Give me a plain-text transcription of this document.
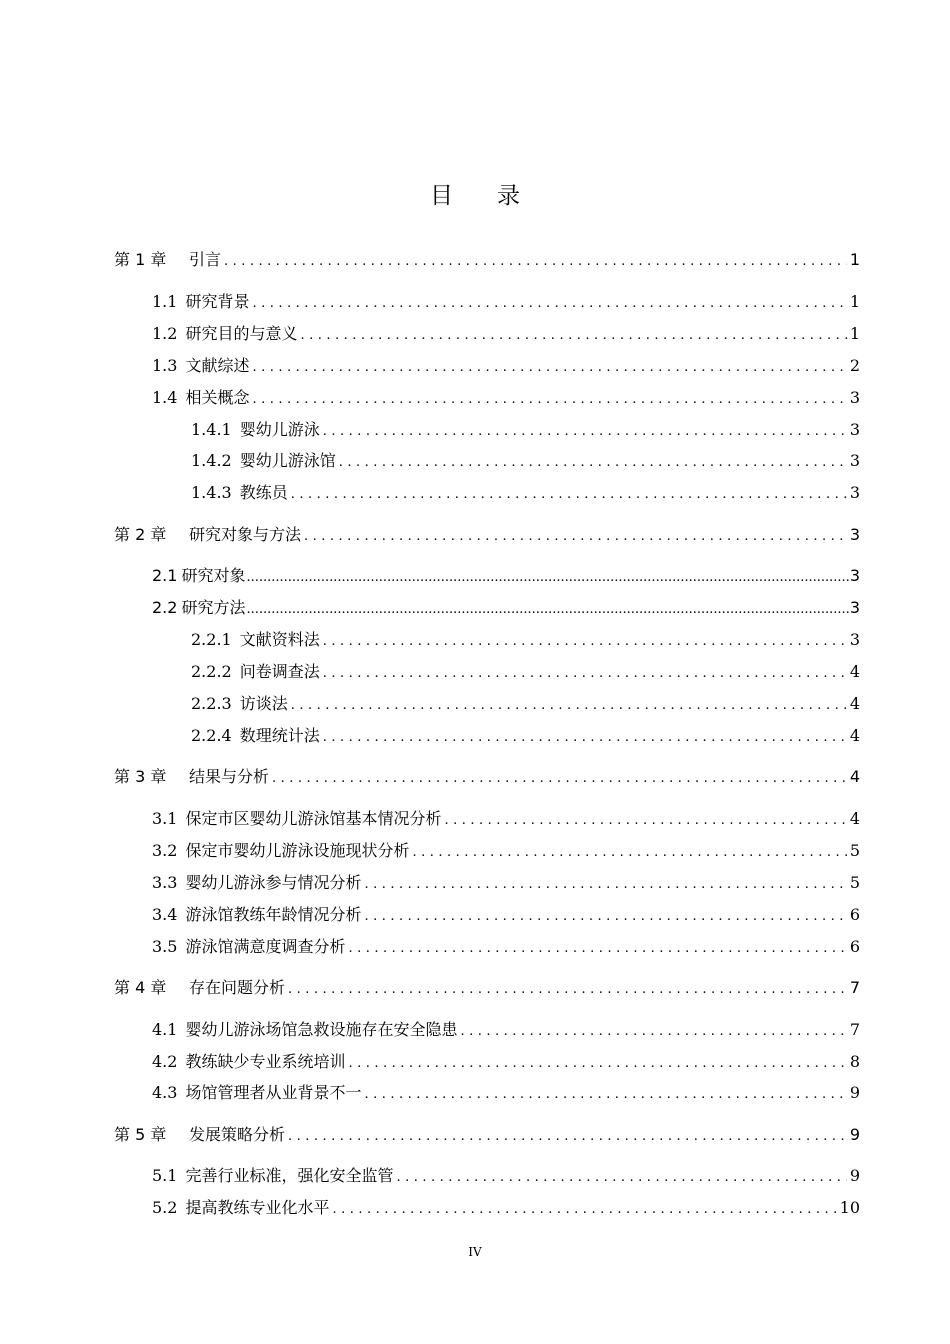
目录
第 1 章	引言 .....	1
1.1 研究背景 .....	1
1.2 研究目的与意义 .....	1
1.3 文献综述 .....	2
1.4 相关概念 .....	3
1.4.1 婴幼儿游泳 .....	3
1.4.2 婴幼儿游泳馆 .....	3
1.4.3 教练员 .....	3
第 2 章	研究对象与方法 .....	3
2.1 研究对象 .....	3
2.2 研究方法 .....	3
2.2.1 文献资料法 .....	3
2.2.2 问卷调查法 .....	4
2.2.3 访谈法 .....	4
2.2.4 数理统计法 .....	4
第 3 章	结果与分析 .....	4
3.1 保定市区婴幼儿游泳馆基本情况分析 .....	4
3.2 保定市婴幼儿游泳设施现状分析 .....	5
3.3 婴幼儿游泳参与情况分析 .....	5
3.4 游泳馆教练年龄情况分析 .....	6
3.5 游泳馆满意度调查分析 .....	6
第 4 章	存在问题分析 .....	7
4.1 婴幼儿游泳场馆急救设施存在安全隐患 .....	7
4.2 教练缺少专业系统培训 .....	8
4.3 场馆管理者从业背景不一 .....	9
第 5 章	发展策略分析 .....	9
5.1 完善行业标准，强化安全监管 .....	9
5.2 提高教练专业化水平 .....	10
IV
